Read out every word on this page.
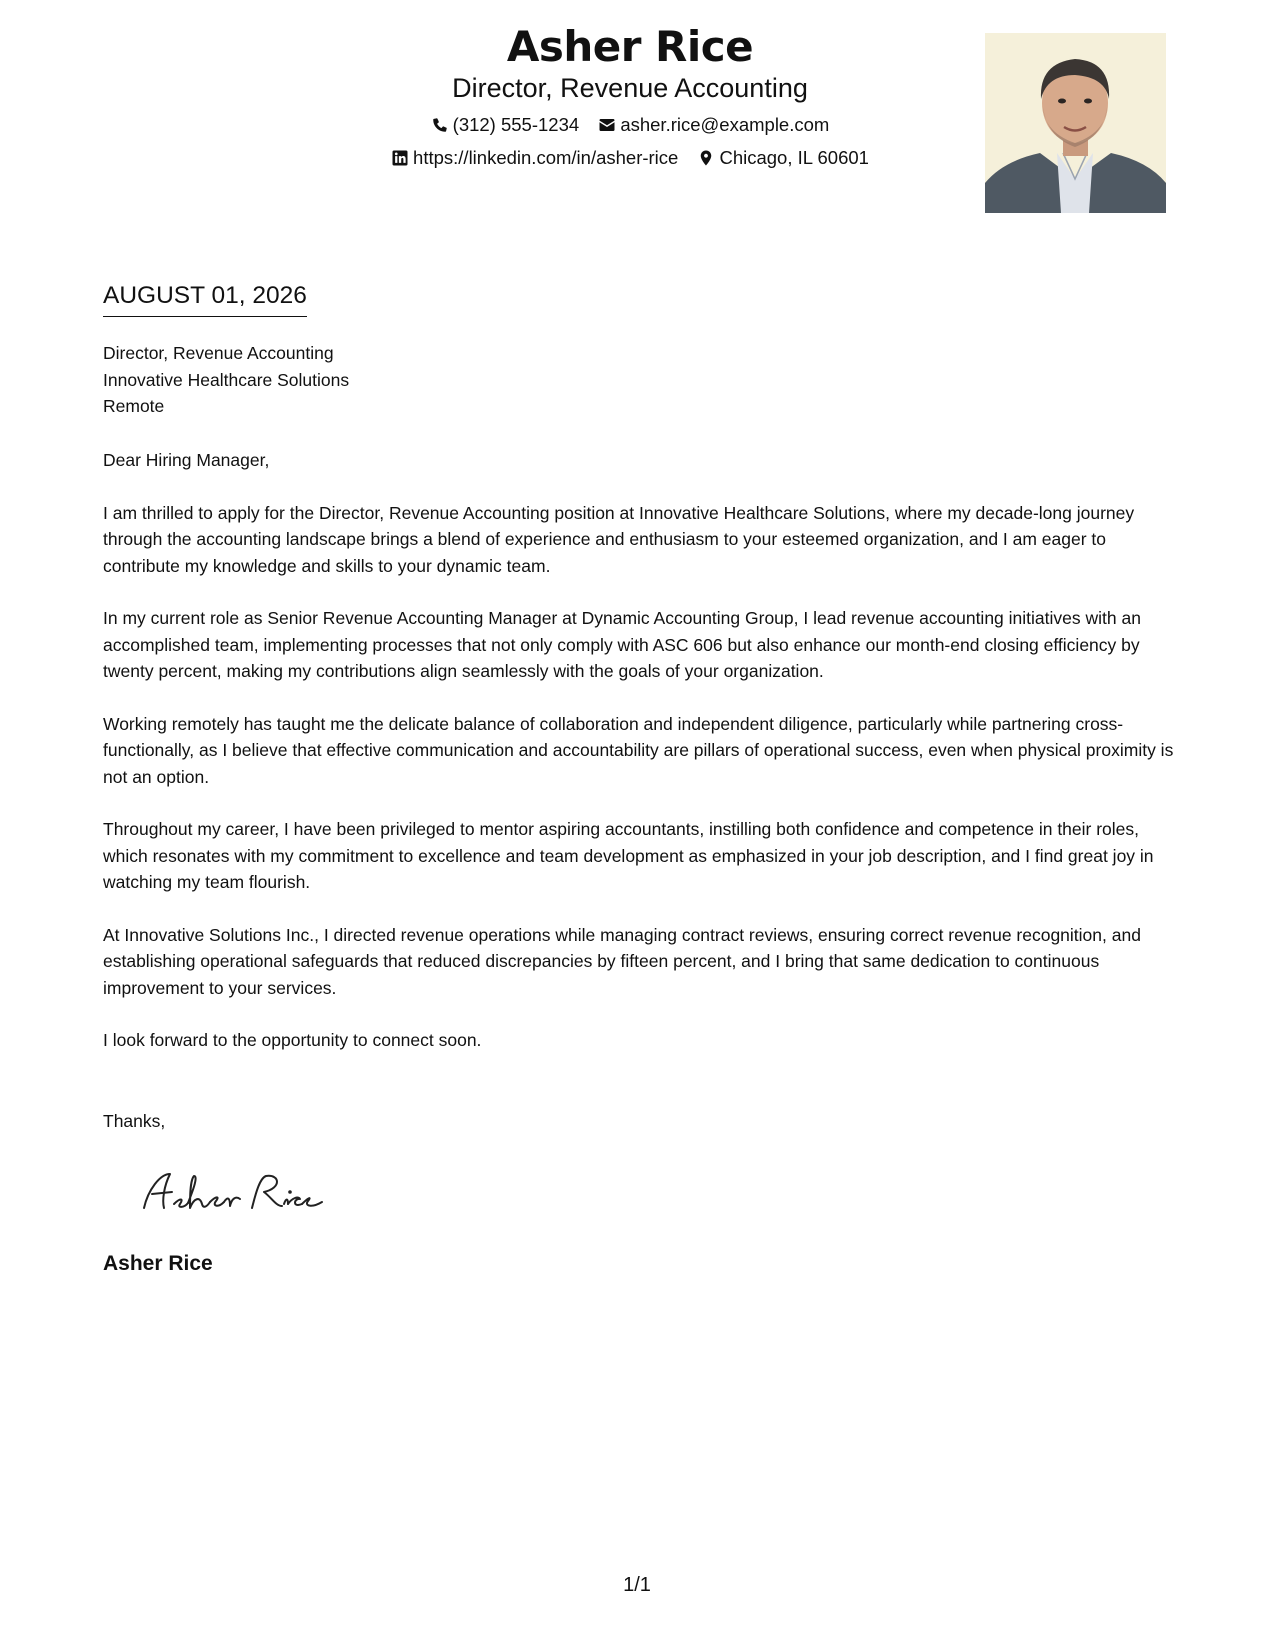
Asher Rice
Director, Revenue Accounting
(312) 555-1234
asher.rice@example.com
https://linkedin.com/in/asher-rice
Chicago, IL 60601
AUGUST 01, 2026
Director, Revenue Accounting
Innovative Healthcare Solutions
Remote

Dear Hiring Manager,

I am thrilled to apply for the Director, Revenue Accounting position at Innovative Healthcare Solutions, where my decade-long journey through the accounting landscape brings a blend of experience and enthusiasm to your esteemed organization, and I am eager to contribute my knowledge and skills to your dynamic team.

In my current role as Senior Revenue Accounting Manager at Dynamic Accounting Group, I lead revenue accounting initiatives with an accomplished team, implementing processes that not only comply with ASC 606 but also enhance our month-end closing efficiency by twenty percent, making my contributions align seamlessly with the goals of your organization.

Working remotely has taught me the delicate balance of collaboration and independent diligence, particularly while partnering cross-functionally, as I believe that effective communication and accountability are pillars of operational success, even when physical proximity is not an option.

Throughout my career, I have been privileged to mentor aspiring accountants, instilling both confidence and competence in their roles, which resonates with my commitment to excellence and team development as emphasized in your job description, and I find great joy in watching my team flourish.

At Innovative Solutions Inc., I directed revenue operations while managing contract reviews, ensuring correct revenue recognition, and establishing operational safeguards that reduced discrepancies by fifteen percent, and I bring that same dedication to continuous improvement to your services.

I look forward to the opportunity to connect soon.

Thanks,
Asher Rice
1/1
